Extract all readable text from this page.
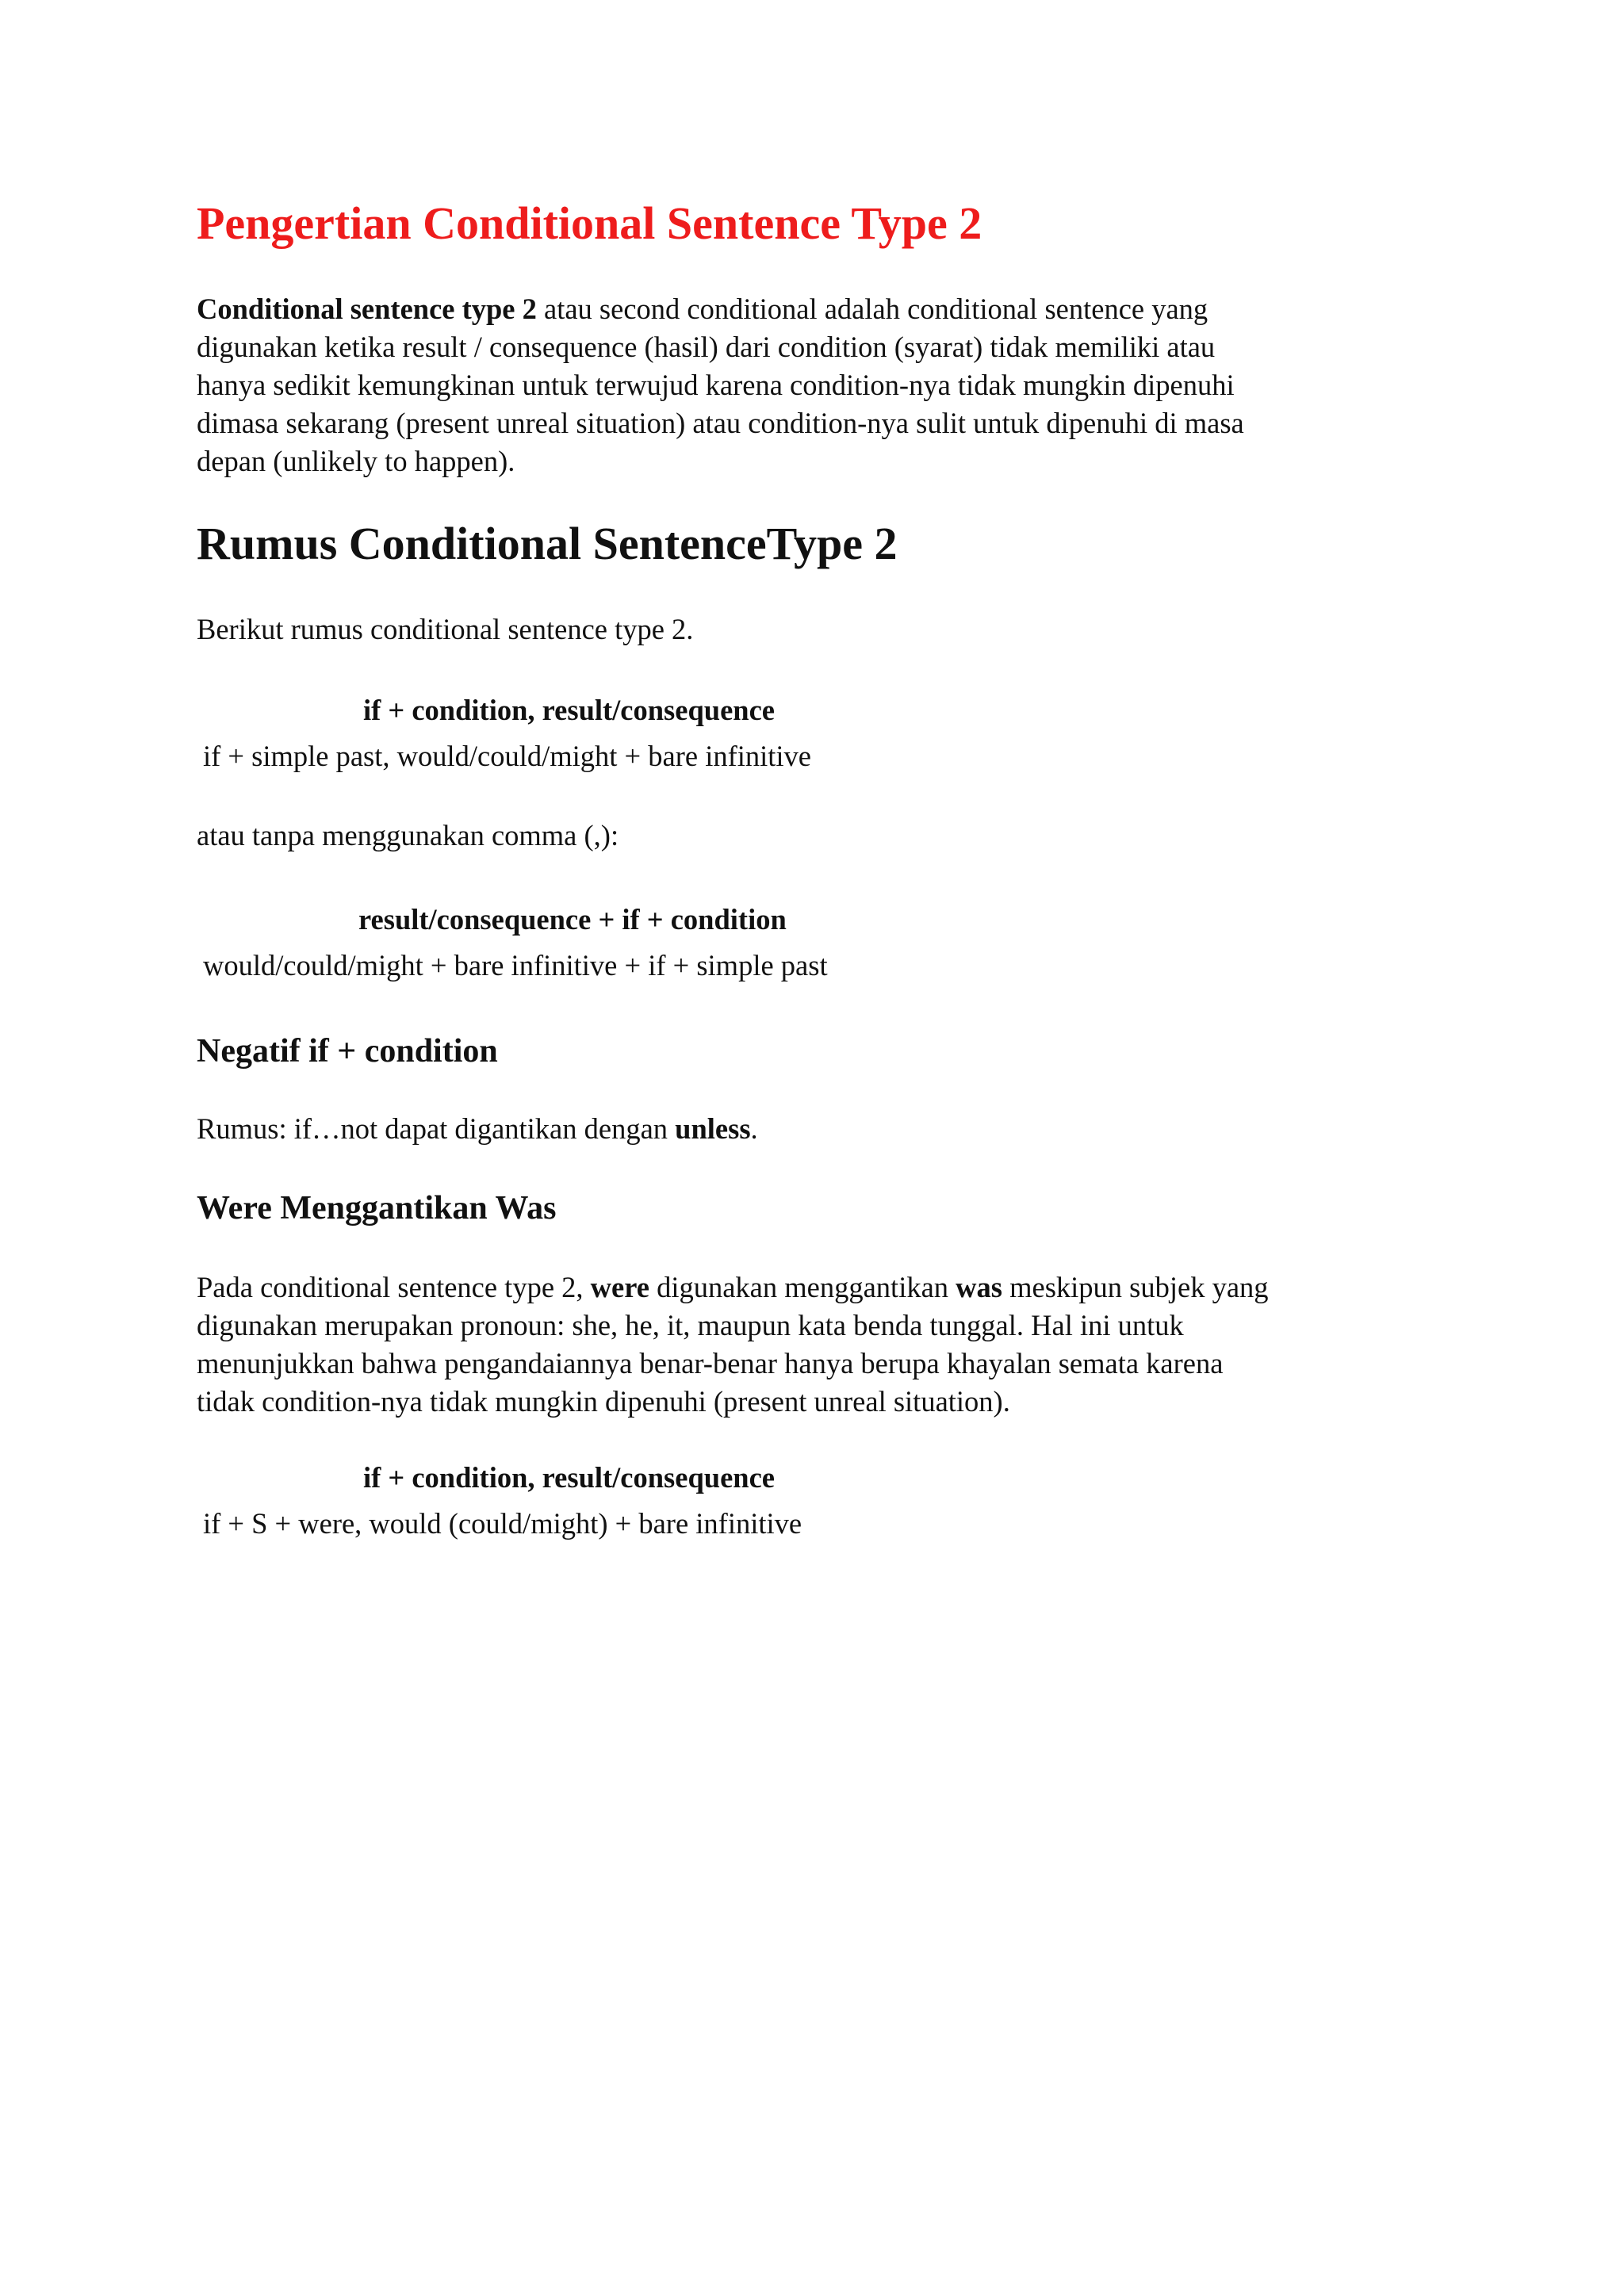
Pengertian Conditional Sentence Type 2

Conditional sentence type 2 atau second conditional adalah conditional sentence yang
digunakan ketika result / consequence (hasil) dari condition (syarat) tidak memiliki atau
hanya sedikit kemungkinan untuk terwujud karena condition-nya tidak mungkin dipenuhi
dimasa sekarang (present unreal situation) atau condition-nya sulit untuk dipenuhi di masa
depan (unlikely to happen).

Rumus Conditional SentenceType 2

Berikut rumus conditional sentence type 2.

if + condition, result/consequence

if + simple past, would/could/might + bare infinitive

atau tanpa menggunakan comma (,):

result/consequence + if + condition

would/could/might + bare infinitive + if + simple past

Negatif if + condition

Rumus: if…not dapat digantikan dengan unless.

Were Menggantikan Was

Pada conditional sentence type 2, were digunakan menggantikan was meskipun subjek yang
digunakan merupakan pronoun: she, he, it, maupun kata benda tunggal. Hal ini untuk
menunjukkan bahwa pengandaiannya benar-benar hanya berupa khayalan semata karena
tidak condition-nya tidak mungkin dipenuhi (present unreal situation).

if + condition, result/consequence

if + S + were, would (could/might) + bare infinitive
